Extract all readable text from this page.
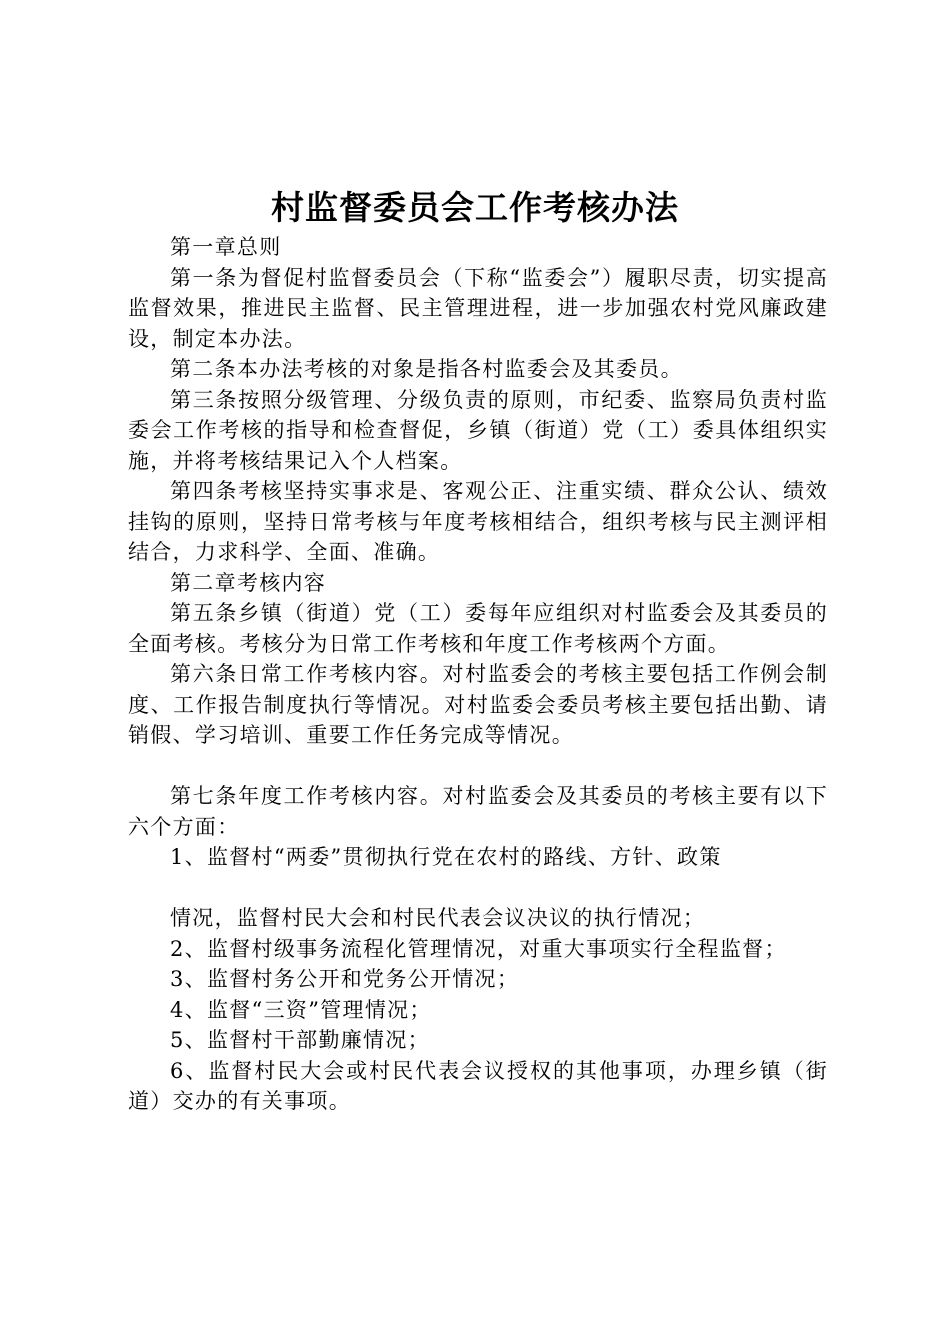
村监督委员会工作考核办法

第一章总则

第一条为督促村监督委员会（下称“监委会”）履职尽责，切实提高监督效果，推进民主监督、民主管理进程，进一步加强农村党风廉政建设，制定本办法。

第二条本办法考核的对象是指各村监委会及其委员。

第三条按照分级管理、分级负责的原则，市纪委、监察局负责村监委会工作考核的指导和检查督促，乡镇（街道）党（工）委具体组织实施，并将考核结果记入个人档案。

第四条考核坚持实事求是、客观公正、注重实绩、群众公认、绩效挂钩的原则，坚持日常考核与年度考核相结合，组织考核与民主测评相结合，力求科学、全面、准确。

第二章考核内容

第五条乡镇（街道）党（工）委每年应组织对村监委会及其委员的全面考核。考核分为日常工作考核和年度工作考核两个方面。

第六条日常工作考核内容。对村监委会的考核主要包括工作例会制度、工作报告制度执行等情况。对村监委会委员考核主要包括出勤、请销假、学习培训、重要工作任务完成等情况。

第七条年度工作考核内容。对村监委会及其委员的考核主要有以下六个方面：

1、监督村“两委”贯彻执行党在农村的路线、方针、政策

情况，监督村民大会和村民代表会议决议的执行情况；

2、监督村级事务流程化管理情况，对重大事项实行全程监督；

3、监督村务公开和党务公开情况；

4、监督“三资”管理情况；

5、监督村干部勤廉情况；

6、监督村民大会或村民代表会议授权的其他事项，办理乡镇（街道）交办的有关事项。
